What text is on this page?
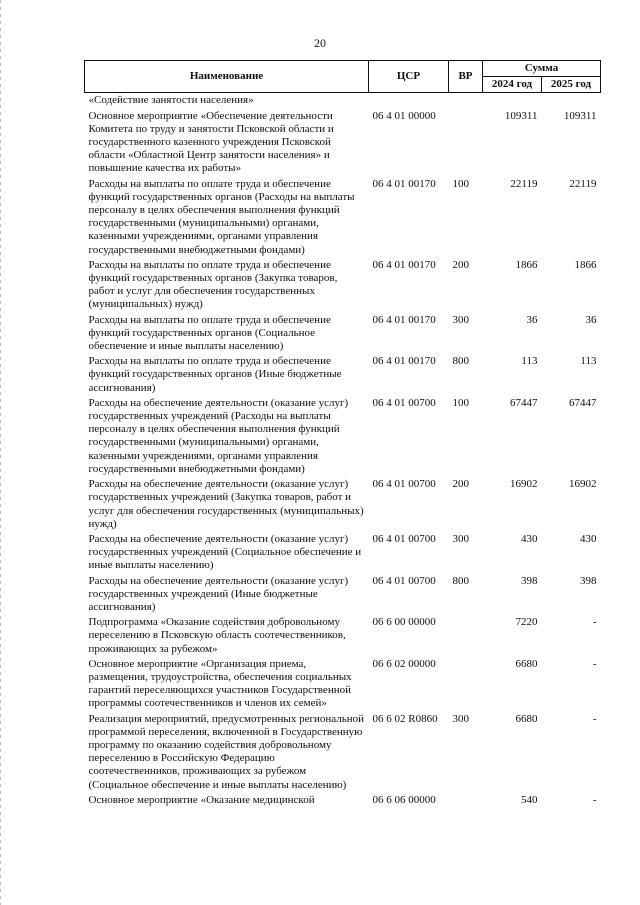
20
Наименование	ЦСР	ВР	Сумма	
			2024 год	2025 год
«Содействие занятости населения»				
Основное мероприятие «Обеспечение деятельности Комитета по труду и занятости Псковской области и государственного казенного учреждения Псковской области «Областной Центр занятости населения» и повышение качества их работы»	06 4 01 00000		109311	109311
Расходы на выплаты по оплате труда и обеспечение функций государственных органов (Расходы на выплаты персоналу в целях обеспечения выполнения функций государственными (муниципальными) органами, казенными учреждениями, органами управления государственными внебюджетными фондами)	06 4 01 00170	100	22119	22119
Расходы на выплаты по оплате труда и обеспечение функций государственных органов (Закупка товаров, работ и услуг для обеспечения государственных (муниципальных) нужд)	06 4 01 00170	200	1866	1866
Расходы на выплаты по оплате труда и обеспечение функций государственных органов (Социальное обеспечение и иные выплаты населению)	06 4 01 00170	300	36	36
Расходы на выплаты по оплате труда и обеспечение функций государственных органов (Иные бюджетные ассигнования)	06 4 01 00170	800	113	113
Расходы на обеспечение деятельности (оказание услуг) государственных учреждений (Расходы на выплаты персоналу в целях обеспечения выполнения функций государственными (муниципальными) органами, казенными учреждениями, органами управления государственными внебюджетными фондами)	06 4 01 00700	100	67447	67447
Расходы на обеспечение деятельности (оказание услуг) государственных учреждений (Закупка товаров, работ и услуг для обеспечения государственных (муниципальных) нужд)	06 4 01 00700	200	16902	16902
Расходы на обеспечение деятельности (оказание услуг) государственных учреждений (Социальное обеспечение и иные выплаты населению)	06 4 01 00700	300	430	430
Расходы на обеспечение деятельности (оказание услуг) государственных учреждений (Иные бюджетные ассигнования)	06 4 01 00700	800	398	398
Подпрограмма «Оказание содействия добровольному переселению в Псковскую область соотечественников, проживающих за рубежом»	06 6 00 00000		7220	-
Основное мероприятие «Организация приема, размещения, трудоустройства, обеспечения социальных гарантий переселяющихся участников Государственной программы соотечественников и членов их семей»	06 6 02 00000		6680	-
Реализация мероприятий, предусмотренных региональной программой переселения, включенной в Государственную программу по оказанию содействия добровольному переселению в Российскую Федерацию соотечественников, проживающих за рубежом (Социальное обеспечение и иные выплаты населению)	06 6 02 R0860	300	6680	-
Основное мероприятие «Оказание медицинской	06 6 06 00000		540	-
